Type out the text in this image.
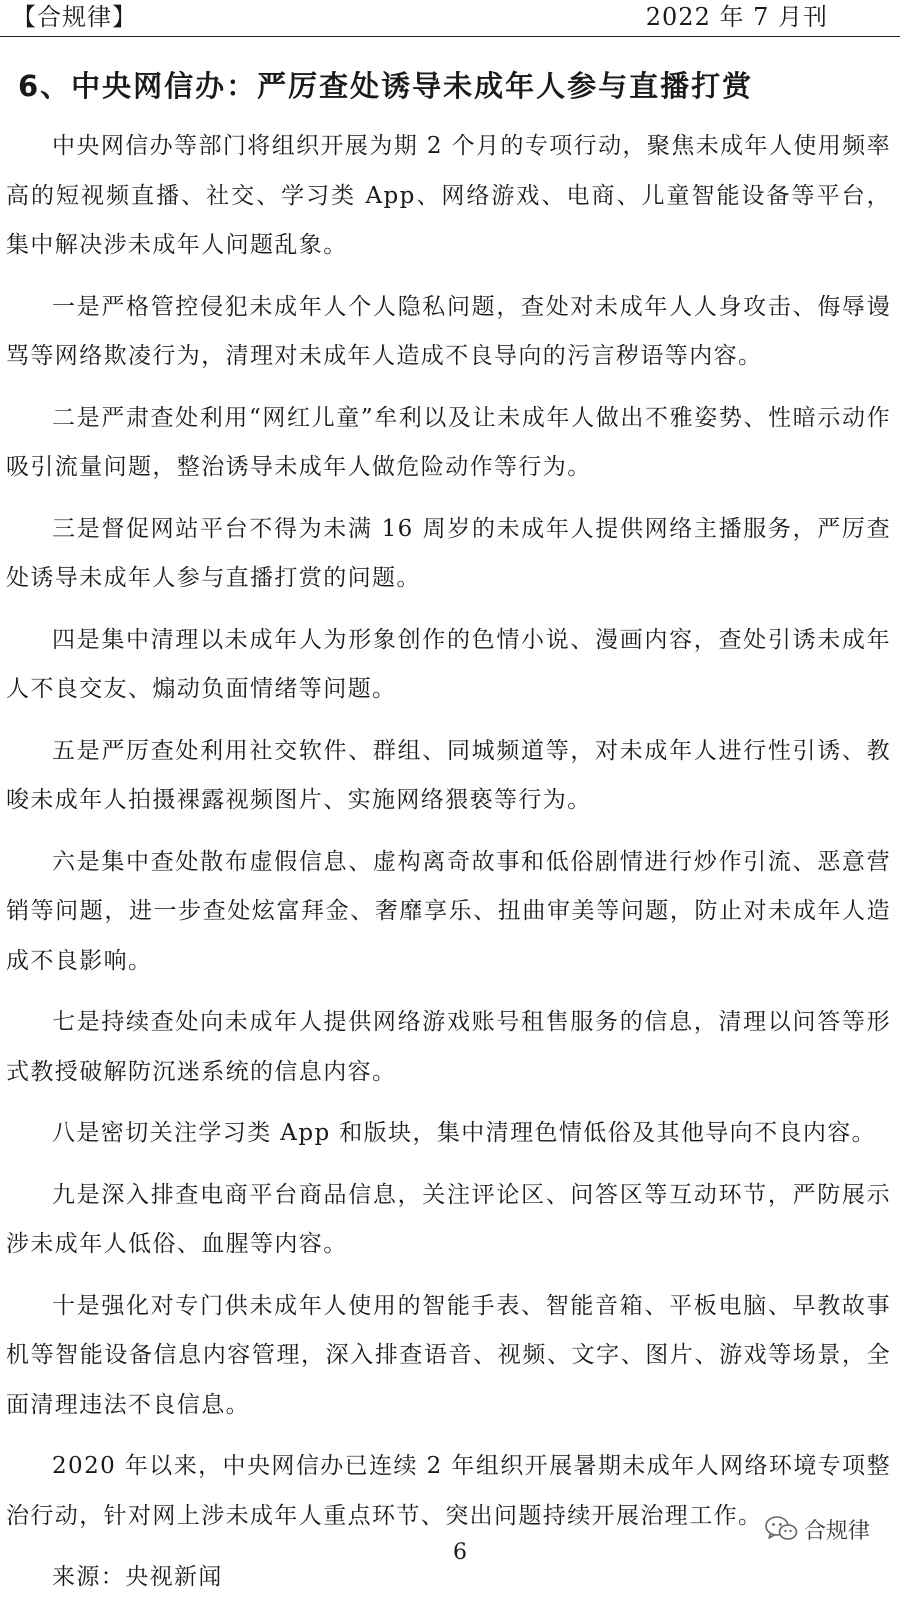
【合规律】	2022 年 7 月刊
6、中央网信办：严厉查处诱导未成年人参与直播打赏

中央网信办等部门将组织开展为期 2 个月的专项行动，聚焦未成年人使用频率高的短视频直播、社交、学习类 App、网络游戏、电商、儿童智能设备等平台，集中解决涉未成年人问题乱象。

一是严格管控侵犯未成年人个人隐私问题，查处对未成年人人身攻击、侮辱谩骂等网络欺凌行为，清理对未成年人造成不良导向的污言秽语等内容。

二是严肃查处利用“网红儿童”牟利以及让未成年人做出不雅姿势、性暗示动作吸引流量问题，整治诱导未成年人做危险动作等行为。

三是督促网站平台不得为未满 16 周岁的未成年人提供网络主播服务，严厉查处诱导未成年人参与直播打赏的问题。

四是集中清理以未成年人为形象创作的色情小说、漫画内容，查处引诱未成年人不良交友、煽动负面情绪等问题。

五是严厉查处利用社交软件、群组、同城频道等，对未成年人进行性引诱、教唆未成年人拍摄裸露视频图片、实施网络猥亵等行为。

六是集中查处散布虚假信息、虚构离奇故事和低俗剧情进行炒作引流、恶意营销等问题，进一步查处炫富拜金、奢靡享乐、扭曲审美等问题，防止对未成年人造成不良影响。

七是持续查处向未成年人提供网络游戏账号租售服务的信息，清理以问答等形式教授破解防沉迷系统的信息内容。

八是密切关注学习类 App 和版块，集中清理色情低俗及其他导向不良内容。

九是深入排查电商平台商品信息，关注评论区、问答区等互动环节，严防展示涉未成年人低俗、血腥等内容。

十是强化对专门供未成年人使用的智能手表、智能音箱、平板电脑、早教故事机等智能设备信息内容管理，深入排查语音、视频、文字、图片、游戏等场景，全面清理违法不良信息。

2020 年以来，中央网信办已连续 2 年组织开展暑期未成年人网络环境专项整治行动，针对网上涉未成年人重点环节、突出问题持续开展治理工作。

来源：央视新闻

合规律
6
